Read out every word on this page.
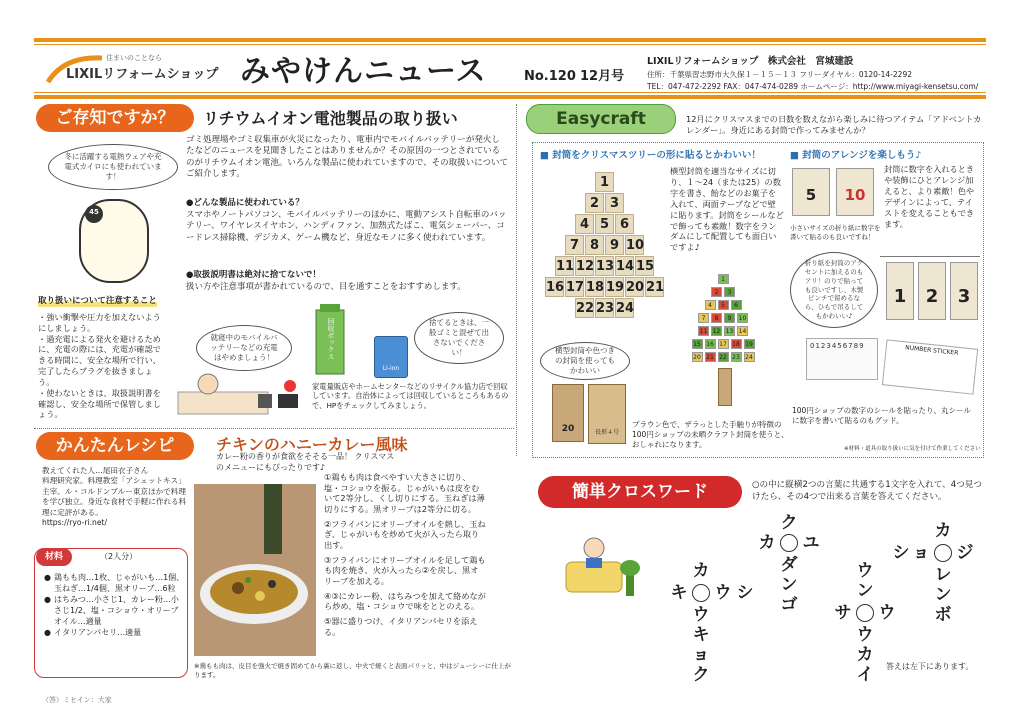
住まいのことなら
LIXILリフォームショップ みやけんニュース	No.120 12月号
LIXILリフォームショップ　株式会社　宮城建設
住所：千葉県習志野市大久保１－１５－１３ フリーダイヤル：0120-14-2292
TEL：047-472-2292 FAX：047-474-0289 ホームページ：http://www.miyagi-kensetsu.com/
ご存知ですか？	リチウムイオン電池製品の取り扱い
冬に活躍する電熱ウェアや充電式カイロにも使われています！
45
取り扱いについて注意すること
・強い衝撃や圧力を加えないようにしましょう。
・過充電による発火を避けるために、充電の際には、充電が確認できる時間に、安全な場所で行い、完了したらプラグを抜きましょう。
・使わないときは、取扱説明書を確認し、安全な場所で保管しましょう。
ゴミ処理場やゴミ収集車が火災になったり、電車内でモバイルバッテリーが発火したなどのニュースを見聞きしたことはありませんか？その原因の一つとされているのがリチウムイオン電池。いろんな製品に使われていますので、その取扱いについてご紹介します。
●どんな製品に使われている？
スマホやノートパソコン、モバイルバッテリーのほかに、電動アシスト自転車のバッテリー、ワイヤレスイヤホン、ハンディファン、加熱式たばこ、電気シェーバー、コードレス掃除機、デジカメ、ゲーム機など、身近なモノに多く使われています。
●取扱説明書は絶対に捨てないで！
扱い方や注意事項が書かれているので、目を通すことをおすすめします。
就寝中のモバイルバッテリーなどの充電はやめましょう！	回収ボックス
Li-ion
捨てるときは、一般ゴミと混ぜて出さないでください！
家電量販店やホームセンターなどのリサイクル協力店で回収しています。自治体によっては回収しているところもあるので、HPをチェックしてみましょう。
Easycraft	12月にクリスマスまでの日数を数えながら楽しみに待つアイテム「アドベントカレンダー」。身近にある封筒で作ってみませんか？
■ 封筒をクリスマスツリーの形に貼るとかわいい！	■ 封筒のアレンジを楽しもう♪
1
2 3
4 5 6
7 8 9 10
11 12 13 14 15
16 17 18 19 20 21
22 23 24
横型封筒を適当なサイズに切り、１～24（または25）の数字を書き、飴などのお菓子を入れて、両面テープなどで壁に貼ります。封筒をシールなどで飾っても素敵！数字をランダムにして配置しても面白いですよ♪
横型封筒や色つきの封筒を使ってもかわいい
20	長形４号
1
2	3
4	5	6
7	8	9	10
11 12 13 14
15 16 17 18 19
20 21 22 23 24
ブラウン色で、ザラっとした手触りが特徴の100円ショップの未晒クラフト封筒を使うと、おしゃれになります。
5	10
小さいサイズの折り紙に数字を書いて貼るのも良いですね！
封筒に数字を入れるときや装飾にひとアレンジ加えると、より素敵！色やデザインによって、テイストを変えることもできます。
1	2	3
折り紙を封筒のアクセントに加えるのもアリ！のりで貼っても良いですし、木製ピンチで留めるなら、ひもで吊るしてもかわいい♪
0123456789	NUMBER STICKER
100円ショップの数字のシールを貼ったり、丸シールに数字を書いて貼るのもグッド。
※材料・道具の取り扱いに気を付けて作業してください
かんたんレシピ	チキンのハニーカレー風味
カレー粉の香りが食欲をそそる一品！ クリスマスのメニューにもぴったりです♪
教えてくれた人…尾田衣子さん
料理研究家。料理教室「アシェットキス」主宰。ル・コルドンブルー東京ほかで料理を学び独立。身近な食材で手軽に作れる料理に定評がある。
https://ryo-ri.net/
材料	（2人分）
● 鶏もも肉…1枚、じゃがいも…1個、玉ねぎ…1/4個、黒オリーブ…6粒
● はちみつ…小さじ1、カレー粉…小さじ1/2、塩・コショウ・オリーブオイル…適量
● イタリアンパセリ…適量
①鶏もも肉は食べやすい大きさに切り、塩・コショウを振る。じゃがいもは皮をむいて2等分し、くし切りにする。玉ねぎは薄切りにする。黒オリーブは2等分に切る。
②フライパンにオリーブオイルを熱し、玉ねぎ、じゃがいもを炒めて火が入ったら取り出す。
③フライパンにオリーブオイルを足して鶏もも肉を焼き、火が入ったら②を戻し、黒オリーブを加える。
④③にカレー粉、はちみつを加えて絡めながら炒め、塩・コショウで味をととのえる。
⑤器に盛りつけ、イタリアンパセリを添える。
※鶏もも肉は、皮目を強火で焼き固めてから裏に返し、中火で焼くと表面パリッと、中はジューシーに仕上がります。
簡単クロスワード	○の中に縦横2つの言葉に共通する1文字を入れて、4つ見つけたら、その4つで出来る言葉を答えてください。
カ
キ ウ シ
ウ
キ
ョ
ク
ク
カ ユ
ダ
ン
ゴ
ウ
ン
サ ウ
ウ
カ
イ
カ
シ ョ ジ
レ
ン
ボ
答えは左下にあります。
（答）ミヒイン：大家
